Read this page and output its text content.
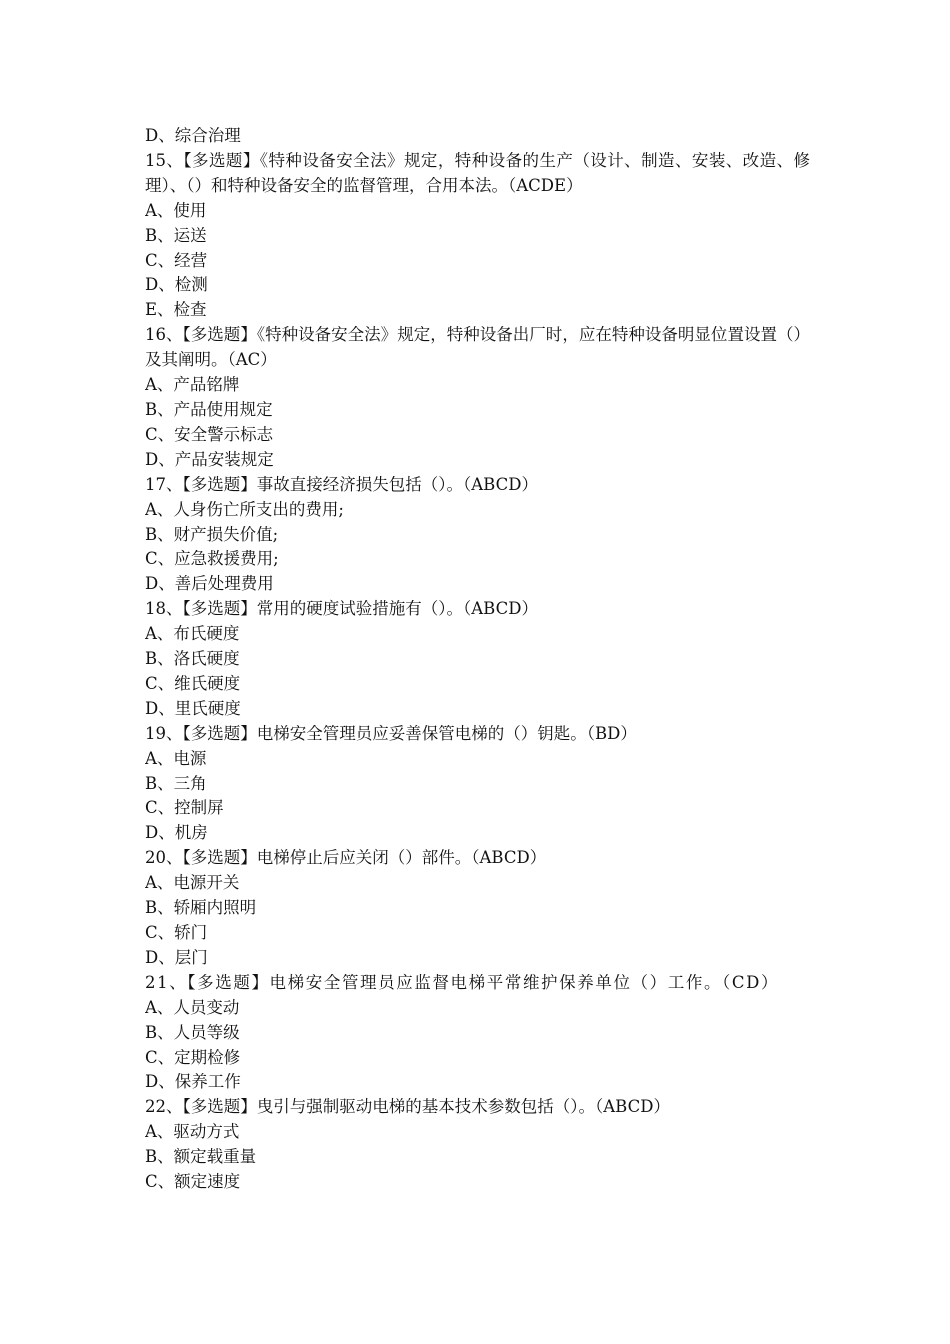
D、综合治理
15、【多选题】《特种设备安全法》规定，特种设备的生产（设计、制造、安装、改造、修理）、（）和特种设备安全的监督管理，合用本法。（ACDE）
A、使用
B、运送
C、经营
D、检测
E、检查
16、【多选题】《特种设备安全法》规定，特种设备出厂时，应在特种设备明显位置设置（）及其阐明。（AC）
A、产品铭牌
B、产品使用规定
C、安全警示标志
D、产品安装规定
17、【多选题】事故直接经济损失包括（）。（ABCD）
A、人身伤亡所支出的费用;
B、财产损失价值;
C、应急救援费用;
D、善后处理费用
18、【多选题】常用的硬度试验措施有（）。（ABCD）
A、布氏硬度
B、洛氏硬度
C、维氏硬度
D、里氏硬度
19、【多选题】电梯安全管理员应妥善保管电梯的（）钥匙。（BD）
A、电源
B、三角
C、控制屏
D、机房
20、【多选题】电梯停止后应关闭（）部件。（ABCD）
A、电源开关
B、轿厢内照明
C、轿门
D、层门
21、【多选题】电梯安全管理员应监督电梯平常维护保养单位（）工作。（CD）
A、人员变动
B、人员等级
C、定期检修
D、保养工作
22、【多选题】曳引与强制驱动电梯的基本技术参数包括（）。（ABCD）
A、驱动方式
B、额定载重量
C、额定速度
